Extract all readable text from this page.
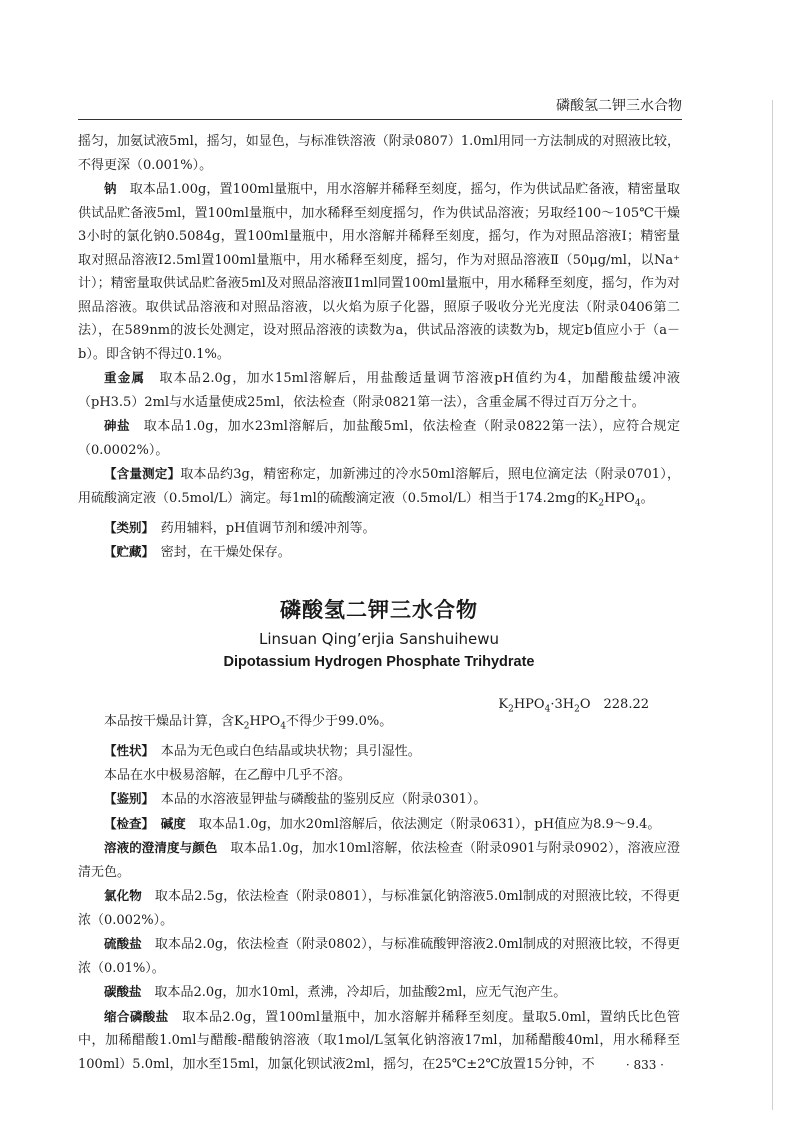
磷酸氢二钾三水合物

摇匀，加氨试液5ml，摇匀，如显色，与标准铁溶液（附录0807）1.0ml用同一方法制成的对照液比较，不得更深（0.001%）。

钠　 取本品1.00g，置100ml量瓶中，用水溶解并稀释至刻度，摇匀，作为供试品贮备液，精密量取供试品贮备液5ml，置100ml量瓶中，加水稀释至刻度摇匀，作为供试品溶液；另取经100～105℃干燥3小时的氯化钠0.5084g，置100ml量瓶中，用水溶解并稀释至刻度，摇匀，作为对照品溶液Ⅰ；精密量取对照品溶液Ⅰ2.5ml置100ml量瓶中，用水稀释至刻度，摇匀，作为对照品溶液Ⅱ（50μg/ml，以Na⁺计）；精密量取供试品贮备液5ml及对照品溶液Ⅱ1ml同置100ml量瓶中，用水稀释至刻度，摇匀，作为对照品溶液。取供试品溶液和对照品溶液，以火焰为原子化器，照原子吸收分光光度法（附录0406第二法），在589nm的波长处测定，设对照品溶液的读数为a，供试品溶液的读数为b，规定b值应小于（a－b）。即含钠不得过0.1%。

重金属　 取本品2.0g，加水15ml溶解后，用盐酸适量调节溶液pH值约为4，加醋酸盐缓冲液（pH3.5）2ml与水适量使成25ml，依法检查（附录0821第一法），含重金属不得过百万分之十。

砷盐　 取本品1.0g，加水23ml溶解后，加盐酸5ml，依法检查（附录0822第一法），应符合规定（0.0002%）。

【含量测定】取本品约3g，精密称定，加新沸过的冷水50ml溶解后，照电位滴定法（附录0701），用硫酸滴定液（0.5mol/L）滴定。每1ml的硫酸滴定液（0.5mol/L）相当于174.2mg的$K_2HPO_4$。

【类别】　 药用辅料，pH值调节剂和缓冲剂等。

【贮藏】　 密封，在干燥处保存。

磷酸氢二钾三水合物
Linsuan Qing’erjia Sanshuihewu
Dipotassium Hydrogen Phosphate Trihydrate
$K_2HPO_4\cdot 3H_2O$　 228.22

本品按干燥品计算，含$K_2HPO_4$不得少于99.0%。

【性状】　 本品为无色或白色结晶或块状物；具引湿性。

本品在水中极易溶解，在乙醇中几乎不溶。

【鉴别】　 本品的水溶液显钾盐与磷酸盐的鉴别反应（附录0301）。

【检查】　 碱度　 取本品1.0g，加水20ml溶解后，依法测定（附录0631），pH值应为8.9～9.4。

溶液的澄清度与颜色　 取本品1.0g，加水10ml溶解，依法检查（附录0901与附录0902），溶液应澄清无色。

氯化物　 取本品2.5g，依法检查（附录0801），与标准氯化钠溶液5.0ml制成的对照液比较，不得更浓（0.002%）。

硫酸盐　 取本品2.0g，依法检查（附录0802），与标准硫酸钾溶液2.0ml制成的对照液比较，不得更浓（0.01%）。

碳酸盐　 取本品2.0g，加水10ml，煮沸，冷却后，加盐酸2ml，应无气泡产生。

缩合磷酸盐　 取本品2.0g，置100ml量瓶中，加水溶解并稀释至刻度。量取5.0ml，置纳氏比色管中，加稀醋酸1.0ml与醋酸-醋酸钠溶液（取1mol/L氢氧化钠溶液17ml，加稀醋酸40ml，用水稀释至100ml）5.0ml，加水至15ml，加氯化钡试液2ml，摇匀，在25℃±2℃放置15分钟，不	· 833 ·
